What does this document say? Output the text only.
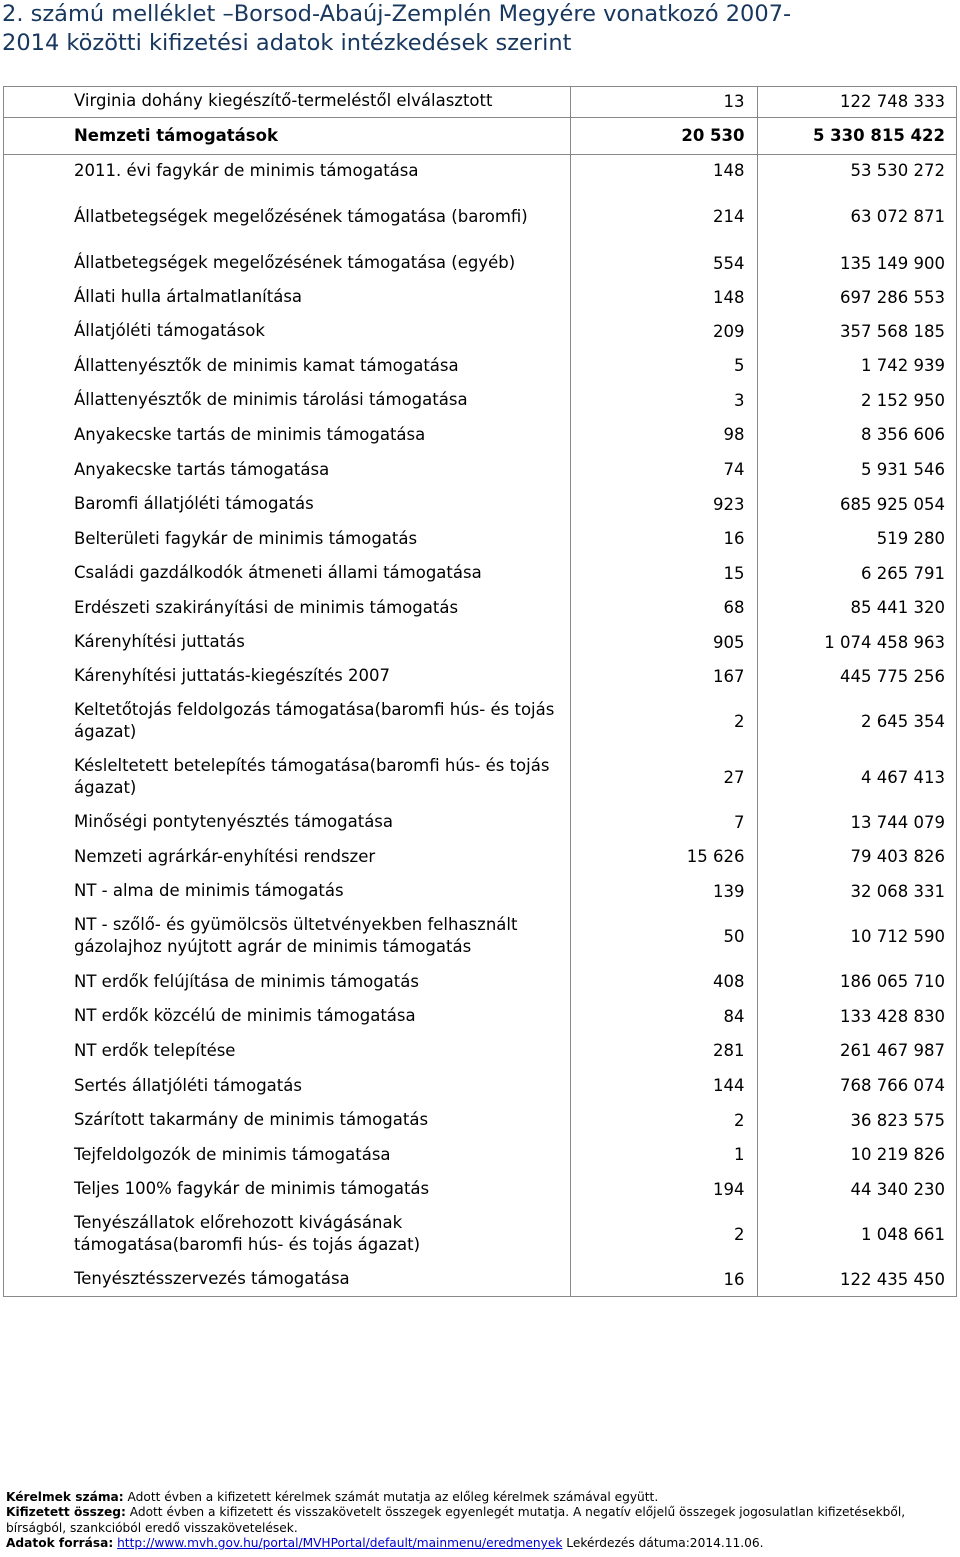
2. számú melléklet –Borsod-Abaúj-Zemplén Megyére vonatkozó 2007-
2014 közötti kifizetési adatok intézkedések szerint
Virginia dohány kiegészítő-termeléstől elválasztott	13	122 748 333
Nemzeti támogatások	20 530	5 330 815 422
2011. évi fagykár de minimis támogatása	148	53 530 272
Állatbetegségek megelőzésének támogatása (baromfi)	214	63 072 871
Állatbetegségek megelőzésének támogatása (egyéb)	554	135 149 900
Állati hulla ártalmatlanítása	148	697 286 553
Állatjóléti támogatások	209	357 568 185
Állattenyésztők de minimis kamat támogatása	5	1 742 939
Állattenyésztők de minimis tárolási támogatása	3	2 152 950
Anyakecske tartás de minimis támogatása	98	8 356 606
Anyakecske tartás támogatása	74	5 931 546
Baromfi állatjóléti támogatás	923	685 925 054
Belterületi fagykár de minimis támogatás	16	519 280
Családi gazdálkodók átmeneti állami támogatása	15	6 265 791
Erdészeti szakirányítási de minimis támogatás	68	85 441 320
Kárenyhítési juttatás	905	1 074 458 963
Kárenyhítési juttatás-kiegészítés 2007	167	445 775 256
Keltetőtojás feldolgozás támogatása(baromfi hús- és tojás ágazat)	2	2 645 354
Késleltetett betelepítés támogatása(baromfi hús- és tojás ágazat)	27	4 467 413
Minőségi pontytenyésztés támogatása	7	13 744 079
Nemzeti agrárkár-enyhítési rendszer	15 626	79 403 826
NT - alma de minimis támogatás	139	32 068 331
NT - szőlő- és gyümölcsös ültetvényekben felhasznált gázolajhoz nyújtott agrár de minimis támogatás	50	10 712 590
NT erdők felújítása de minimis támogatás	408	186 065 710
NT erdők közcélú de minimis támogatása	84	133 428 830
NT erdők telepítése	281	261 467 987
Sertés állatjóléti támogatás	144	768 766 074
Szárított takarmány de minimis támogatás	2	36 823 575
Tejfeldolgozók de minimis támogatása	1	10 219 826
Teljes 100% fagykár de minimis támogatás	194	44 340 230
Tenyészállatok előrehozott kivágásának támogatása(baromfi hús- és tojás ágazat)	2	1 048 661
Tenyésztésszervezés támogatása	16	122 435 450
Kérelmek száma: Adott évben a kifizetett kérelmek számát mutatja az előleg kérelmek számával együtt.
Kifizetett összeg: Adott évben a kifizetett és visszakövetelt összegek egyenlegét mutatja. A negatív előjelű összegek jogosulatlan kifizetésekből, bírságból, szankcióból eredő visszakövetelések.
Adatok forrása: http://www.mvh.gov.hu/portal/MVHPortal/default/mainmenu/eredmenyek Lekérdezés dátuma:2014.11.06.
